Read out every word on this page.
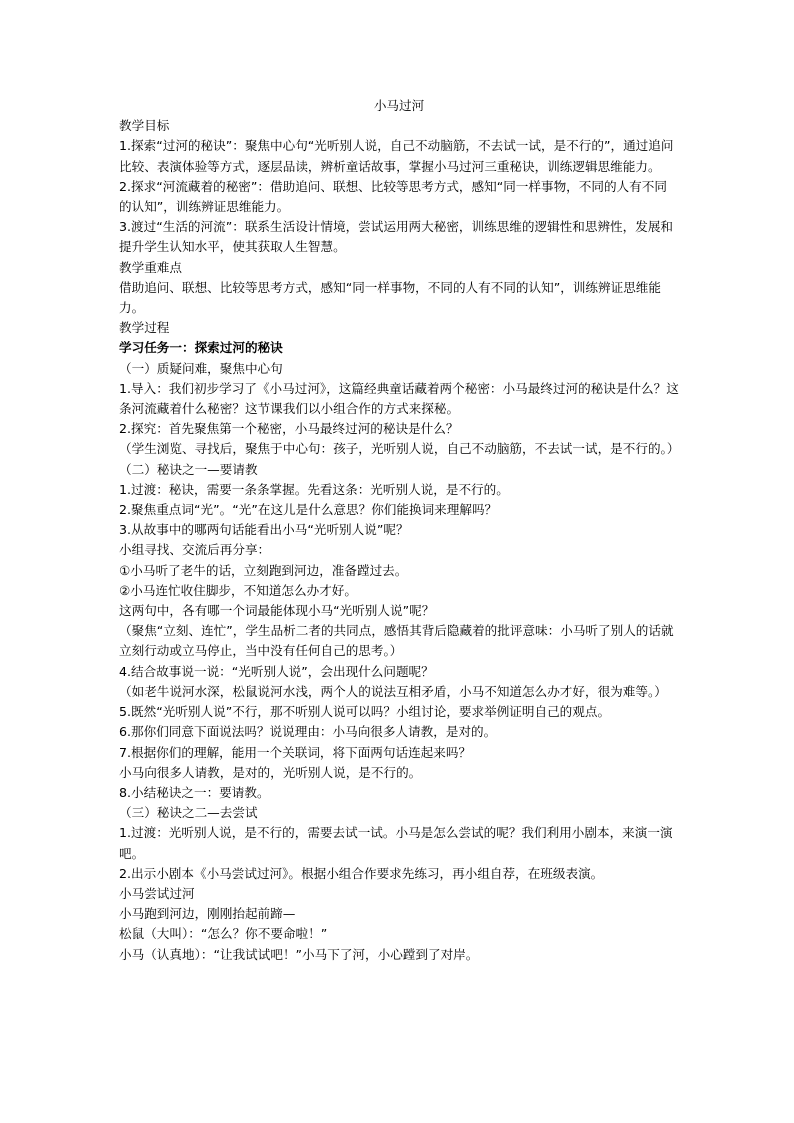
小马过河

教学目标

1.探索“过河的秘诀”：聚焦中心句“光听别人说，自己不动脑筋，不去试一试，是不行的”，通过追问比较、表演体验等方式，逐层品读，辨析童话故事，掌握小马过河三重秘诀，训练逻辑思维能力。

2.探求“河流藏着的秘密”：借助追问、联想、比较等思考方式，感知“同一样事物，不同的人有不同的认知”，训练辨证思维能力。

3.渡过“生活的河流”：联系生活设计情境，尝试运用两大秘密，训练思维的逻辑性和思辨性，发展和提升学生认知水平，使其获取人生智慧。

教学重难点

借助追问、联想、比较等思考方式，感知“同一样事物，不同的人有不同的认知”，训练辨证思维能力。

教学过程

学习任务一：探索过河的秘诀

（一）质疑问难，聚焦中心句

1.导入：我们初步学习了《小马过河》，这篇经典童话藏着两个秘密：小马最终过河的秘诀是什么？这条河流藏着什么秘密？这节课我们以小组合作的方式来探秘。

2.探究：首先聚焦第一个秘密，小马最终过河的秘诀是什么？

（学生浏览、寻找后，聚焦于中心句：孩子，光听别人说，自己不动脑筋，不去试一试，是不行的。）

（二）秘诀之一—要请教

1.过渡：秘诀，需要一条条掌握。先看这条：光听别人说，是不行的。

2.聚焦重点词“光”。“光”在这儿是什么意思？你们能换词来理解吗？

3.从故事中的哪两句话能看出小马“光听别人说”呢？

小组寻找、交流后再分享：

①小马听了老牛的话，立刻跑到河边，准备蹚过去。

②小马连忙收住脚步，不知道怎么办才好。

这两句中，各有哪一个词最能体现小马“光听别人说”呢？

（聚焦“立刻、连忙”，学生品析二者的共同点，感悟其背后隐藏着的批评意味：小马听了别人的话就立刻行动或立马停止，当中没有任何自己的思考。）

4.结合故事说一说：“光听别人说”，会出现什么问题呢？

（如老牛说河水深，松鼠说河水浅，两个人的说法互相矛盾，小马不知道怎么办才好，很为难等。）

5.既然“光听别人说”不行，那不听别人说可以吗？小组讨论，要求举例证明自己的观点。

6.那你们同意下面说法吗？说说理由：小马向很多人请教，是对的。

7.根据你们的理解，能用一个关联词，将下面两句话连起来吗？

小马向很多人请教，是对的，光听别人说，是不行的。

8.小结秘诀之一：要请教。

（三）秘诀之二—去尝试

1.过渡：光听别人说，是不行的，需要去试一试。小马是怎么尝试的呢？我们利用小剧本，来演一演吧。

2.出示小剧本《小马尝试过河》。根据小组合作要求先练习，再小组自荐，在班级表演。

小马尝试过河

小马跑到河边，刚刚抬起前蹄—

松鼠（大叫）：“怎么？你不要命啦！”

小马（认真地）：“让我试试吧！”小马下了河，小心蹚到了对岸。
